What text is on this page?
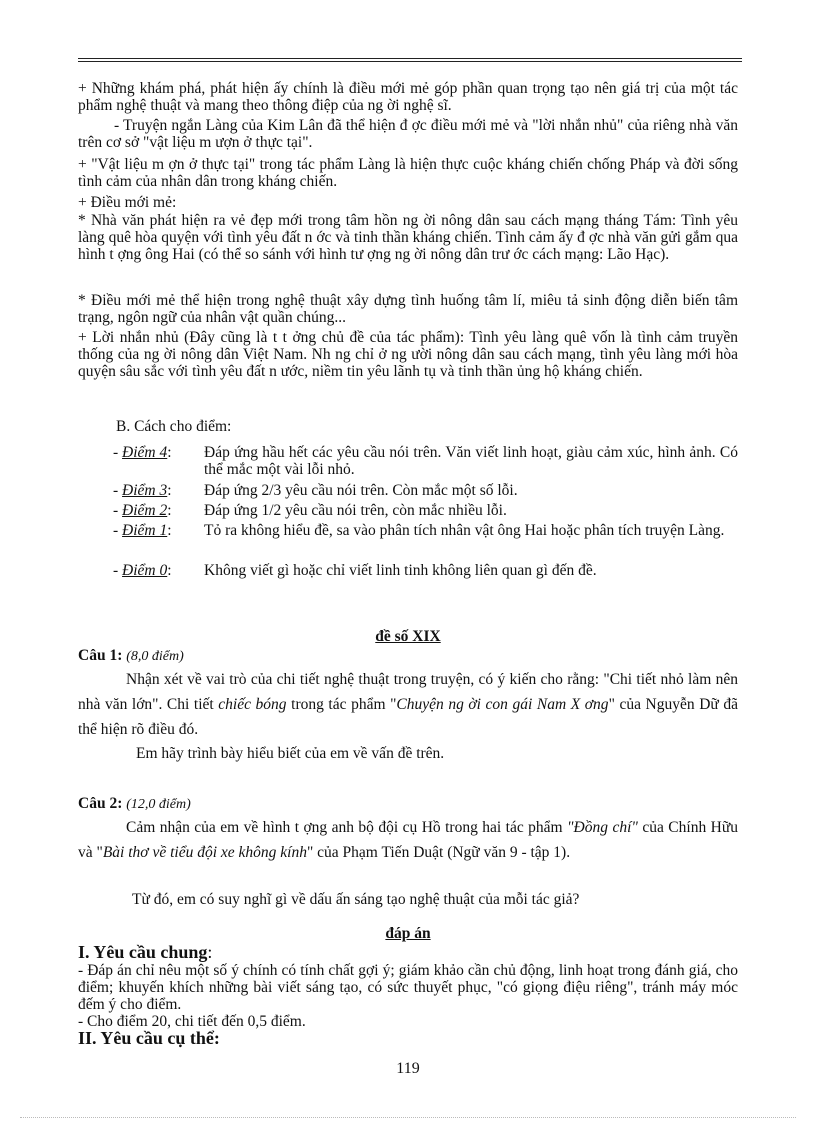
+ Những khám phá, phát hiện ấy chính là điều mới mẻ góp phần quan trọng tạo nên giá trị của một tác phẩm nghệ thuật và mang theo thông điệp của ng ời nghệ sĩ.
- Truyện ngắn Làng của Kim Lân đã thể hiện đ ợc điều mới mẻ và "lời nhắn nhủ" của riêng nhà văn trên cơ sở "vật liệu m ượn ở thực tại".
+ "Vật liệu m ợn ở thực tại" trong tác phẩm Làng là hiện thực cuộc kháng chiến chống Pháp và đời sống tình cảm của nhân dân trong kháng chiến.
+ Điều mới mẻ:
* Nhà văn phát hiện ra vẻ đẹp mới trong tâm hồn ng ời nông dân sau cách mạng tháng Tám: Tình yêu làng quê hòa quyện với tình yêu đất n ớc và tinh thần kháng chiến. Tình cảm ấy đ ợc nhà văn gửi gắm qua hình t ợng ông Hai (có thể so sánh với hình tư ợng ng ời nông dân trư ớc cách mạng: Lão Hạc).
* Điều mới mẻ thể hiện trong nghệ thuật xây dựng tình huống tâm lí, miêu tả sinh động diễn biến tâm trạng, ngôn ngữ của nhân vật quần chúng...
+ Lời nhắn nhủ (Đây cũng là t t ởng chủ đề của tác phẩm): Tình yêu làng quê vốn là tình cảm truyền thống của ng ời nông dân Việt Nam. Nh ng chỉ ở ng ười nông dân sau cách mạng, tình yêu làng mới hòa quyện sâu sắc với tình yêu đất n ước, niềm tin yêu lãnh tụ và tinh thần ủng hộ kháng chiến.
B. Cách cho điểm:
- Điểm 4:	Đáp ứng hầu hết các yêu cầu nói trên. Văn viết linh hoạt, giàu cảm xúc, hình ảnh. Có thể mắc một vài lỗi nhỏ.
- Điểm 3:	Đáp ứng 2/3 yêu cầu nói trên. Còn mắc một số lỗi.
- Điểm 2:	Đáp ứng 1/2 yêu cầu nói trên, còn mắc nhiều lỗi.
- Điểm 1:	Tỏ ra không hiểu đề, sa vào phân tích nhân vật ông Hai hoặc phân tích truyện Làng.
- Điểm 0:	Không viết gì hoặc chỉ viết linh tinh không liên quan gì đến đề.
đề số XIX
Câu 1: (8,0 điểm)
Nhận xét về vai trò của chi tiết nghệ thuật trong truyện, có ý kiến cho rằng: "Chi tiết nhỏ làm nên nhà văn lớn". Chi tiết chiếc bóng trong tác phẩm "Chuyện ng ời con gái Nam X ơng" của Nguyễn Dữ đã thể hiện rõ điều đó.
Em hãy trình bày hiểu biết của em về vấn đề trên.
Câu 2: (12,0 điểm)
Cảm nhận của em về hình t ợng anh bộ đội cụ Hồ trong hai tác phẩm "Đồng chí" của Chính Hữu và "Bài thơ về tiểu đội xe không kính" của Phạm Tiến Duật (Ngữ văn 9 - tập 1).
Từ đó, em có suy nghĩ gì về dấu ấn sáng tạo nghệ thuật của mỗi tác giả?
đáp án
I. Yêu cầu chung:
- Đáp án chỉ nêu một số ý chính có tính chất gợi ý; giám khảo cần chủ động, linh hoạt trong đánh giá, cho điểm; khuyến khích những bài viết sáng tạo, có sức thuyết phục, "có giọng điệu riêng", tránh máy móc đếm ý cho điểm.
- Cho điểm 20, chi tiết đến 0,5 điểm.
II. Yêu cầu cụ thể:
119
